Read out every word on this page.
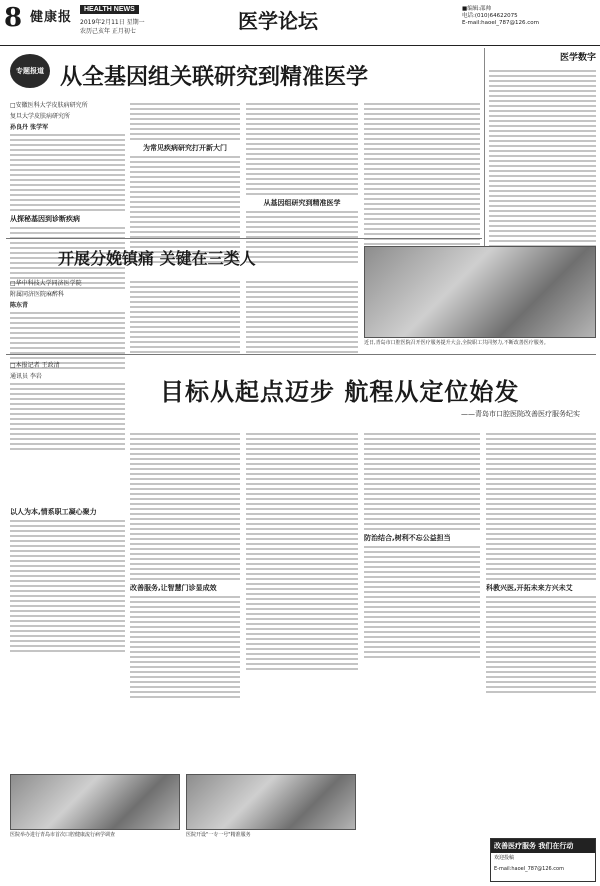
8 健康报
HEALTH NEWS
2019年2月11日 星期一
农历己亥年 正月初七	医学论坛	■编辑:邵帅
电话:(010)64622075
E-mail:haoel_787@126.com
专题报道 从全基因组关联研究到精准医学
医学数字
□安徽医科大学皮肤病研究所
复旦大学皮肤病研究所
孙良丹 张学军
从探秘基因到诊断疾病
为常见疾病研究打开新大门
从基因组研究到精准医学
开展分娩镇痛 关键在三类人
□华中科技大学同济医学院
附属同济医院麻醉科
陈东青
近日,青岛市口腔医院召开医疗服务提升大会,全院职工共同努力,不断改善医疗服务。
□本报记者 王政清
通讯员 李岩
目标从起点迈步 航程从定位始发
——青岛市口腔医院改善医疗服务纪实
以人为本,情系职工凝心聚力
改善服务,让智慧门诊显成效
防治结合,树利不忘公益担当
科教兴医,开拓未来方兴未艾
医院举办进行青岛市首次口腔健康流行病学调查	医院开设"一专一号"精准服务
改善医疗服务 我们在行动
欢迎投稿
E-mail:haoel_787@126.com
